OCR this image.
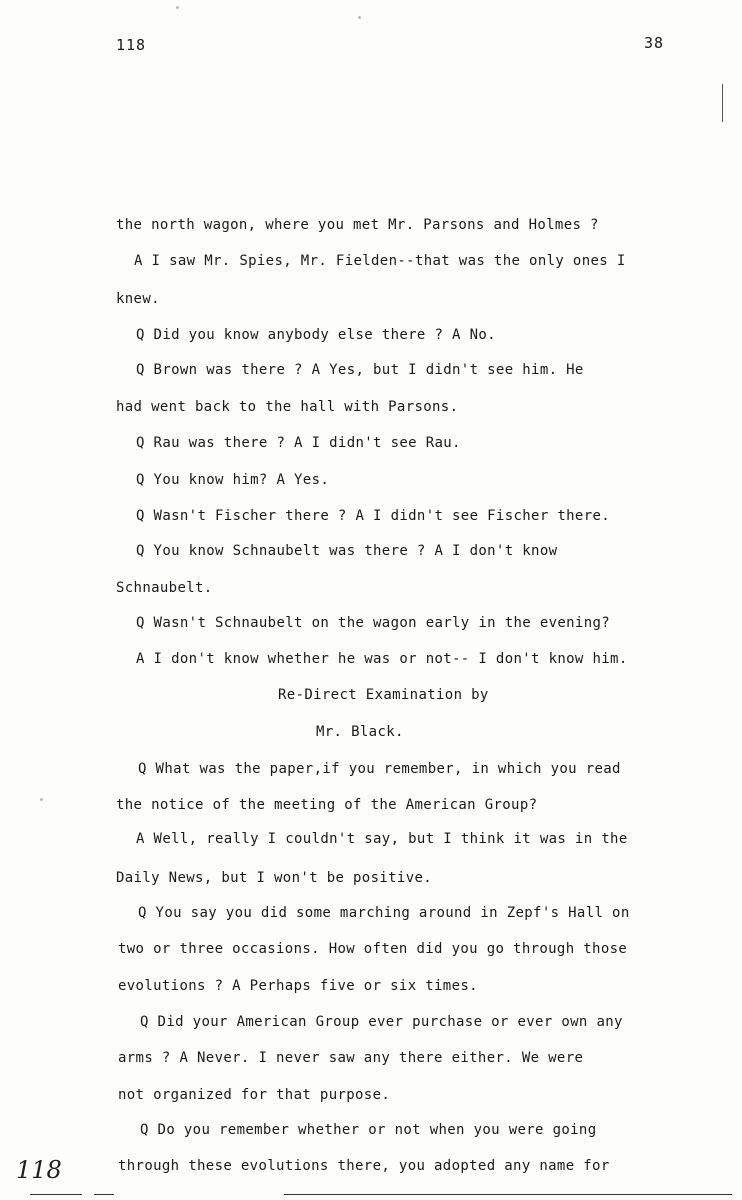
118	38
the north wagon, where you met Mr. Parsons and Holmes ?
A I saw Mr. Spies, Mr. Fielden--that was the only ones I
knew.
Q Did you know anybody else there ? A No.
Q Brown was there ? A Yes, but I didn't see him. He
had went back to the hall with Parsons.
Q Rau was there ? A I didn't see Rau.
Q You know him? A Yes.
Q Wasn't Fischer there ? A I didn't see Fischer there.
Q You know Schnaubelt was there ? A I don't know
Schnaubelt.
Q Wasn't Schnaubelt on the wagon early in the evening?
A I don't know whether he was or not-- I don't know him.
Re-Direct Examination by
Mr. Black.
Q What was the paper,if you remember, in which you read
the notice of the meeting of the American Group?
A Well, really I couldn't say, but I think it was in the
Daily News, but I won't be positive.
Q You say you did some marching around in Zepf's Hall on
two or three occasions. How often did you go through those
evolutions ? A Perhaps five or six times.
Q Did your American Group ever purchase or ever own any
arms ? A Never. I never saw any there either. We were
not organized for that purpose.
Q Do you remember whether or not when you were going
through these evolutions there, you adopted any name for
118
